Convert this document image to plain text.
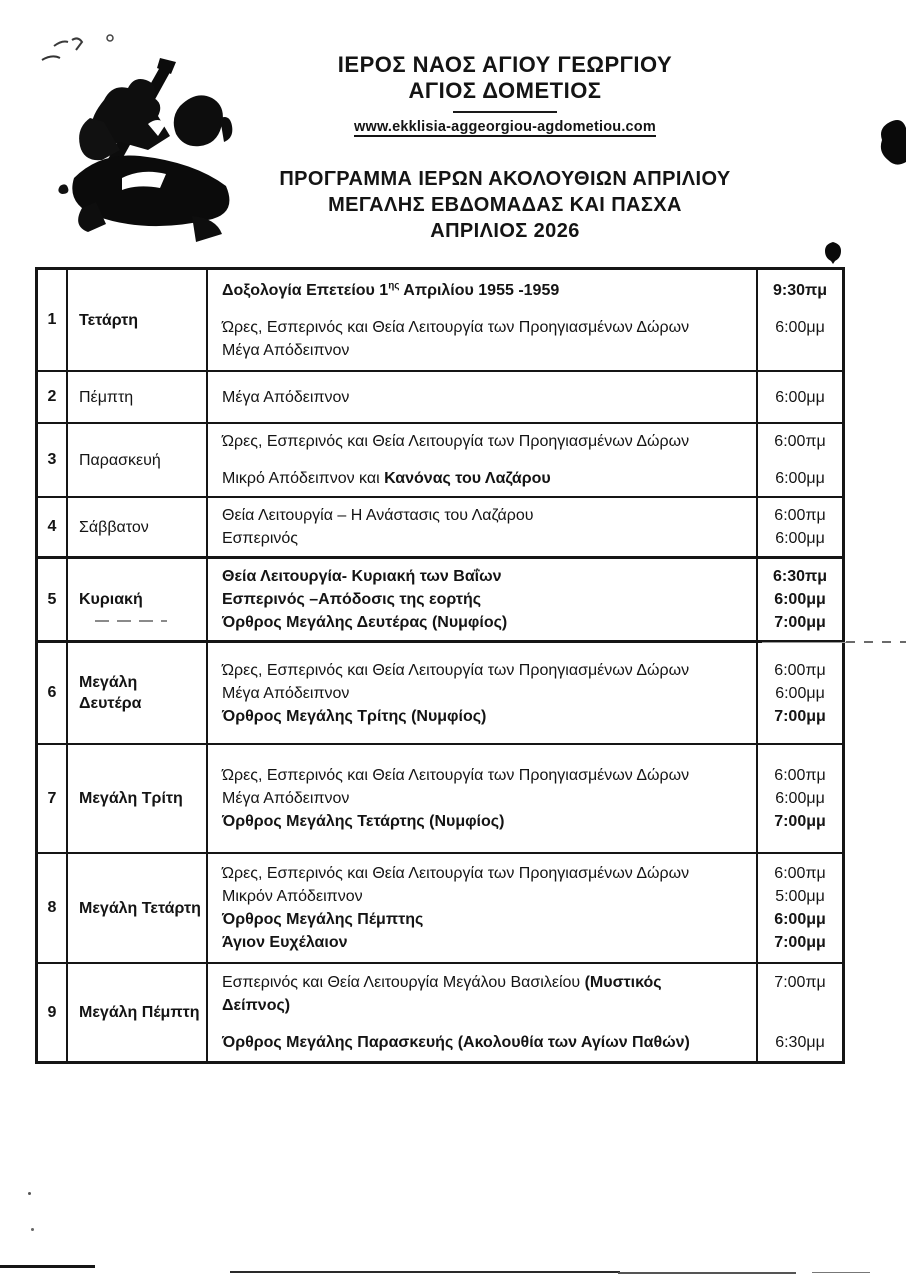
ΙΕΡΟΣ ΝΑΟΣ ΑΓΙΟΥ ΓΕΩΡΓΙΟΥ
ΑΓΙΟΣ ΔΟΜΕΤΙΟΣ
www.ekklisia-aggeorgiou-agdometiou.com
ΠΡΟΓΡΑΜΜΑ ΙΕΡΩΝ ΑΚΟΛΟΥΘΙΩΝ ΑΠΡΙΛΙΟΥ
ΜΕΓΑΛΗΣ ΕΒΔΟΜΑΔΑΣ ΚΑΙ ΠΑΣΧΑ
ΑΠΡΙΛΙΟΣ 2026
1 Τετάρτη
Δοξολογία Επετείου $1^{\eta\varsigma}$ Απριλίου 1955 -1959
Ώρες, Εσπερινός και Θεία Λειτουργία των Προηγιασμένων Δώρων
Μέγα Απόδειπνον
9:30πμ

6:00μμ

2 Πέμπτη	Μέγα Απόδειπνον	6:00μμ
3 Παρασκευή
Ώρες, Εσπερινός και Θεία Λειτουργία των Προηγιασμένων Δώρων
Μικρό Απόδειπνον και Κανόνας του Λαζάρου
6:00πμ

6:00μμ
4 Σάββατον
Θεία Λειτουργία – Η Ανάστασις του Λαζάρου
Εσπερινός
6:00πμ
6:00μμ
5 Κυριακή
Θεία Λειτουργία- Κυριακή των Βαΐων
Εσπερινός –Απόδοσις της εορτής
Όρθρος Μεγάλης Δευτέρας (Νυμφίος)
6:30πμ
6:00μμ
7:00μμ
6
Μεγάλη Δευτέρα
Ώρες, Εσπερινός και Θεία Λειτουργία των Προηγιασμένων Δώρων
Μέγα Απόδειπνον
Όρθρος Μεγάλης Τρίτης (Νυμφίος)
6:00πμ
6:00μμ
7:00μμ
7 Μεγάλη Τρίτη
Ώρες, Εσπερινός και Θεία Λειτουργία των Προηγιασμένων Δώρων
Μέγα Απόδειπνον
Όρθρος Μεγάλης Τετάρτης (Νυμφίος)
6:00πμ
6:00μμ
7:00μμ
8 Μεγάλη Τετάρτη
Ώρες, Εσπερινός και Θεία Λειτουργία των Προηγιασμένων Δώρων
Μικρόν Απόδειπνον
Όρθρος Μεγάλης Πέμπτης
Άγιον Ευχέλαιον
6:00πμ
5:00μμ
6:00μμ
7:00μμ
9 Μεγάλη Πέμπτη
Εσπερινός και Θεία Λειτουργία Μεγάλου Βασιλείου (Μυστικός
Δείπνος)
Όρθρος Μεγάλης Παρασκευής (Ακολουθία των Αγίων Παθών)
7:00πμ

6:30μμ
